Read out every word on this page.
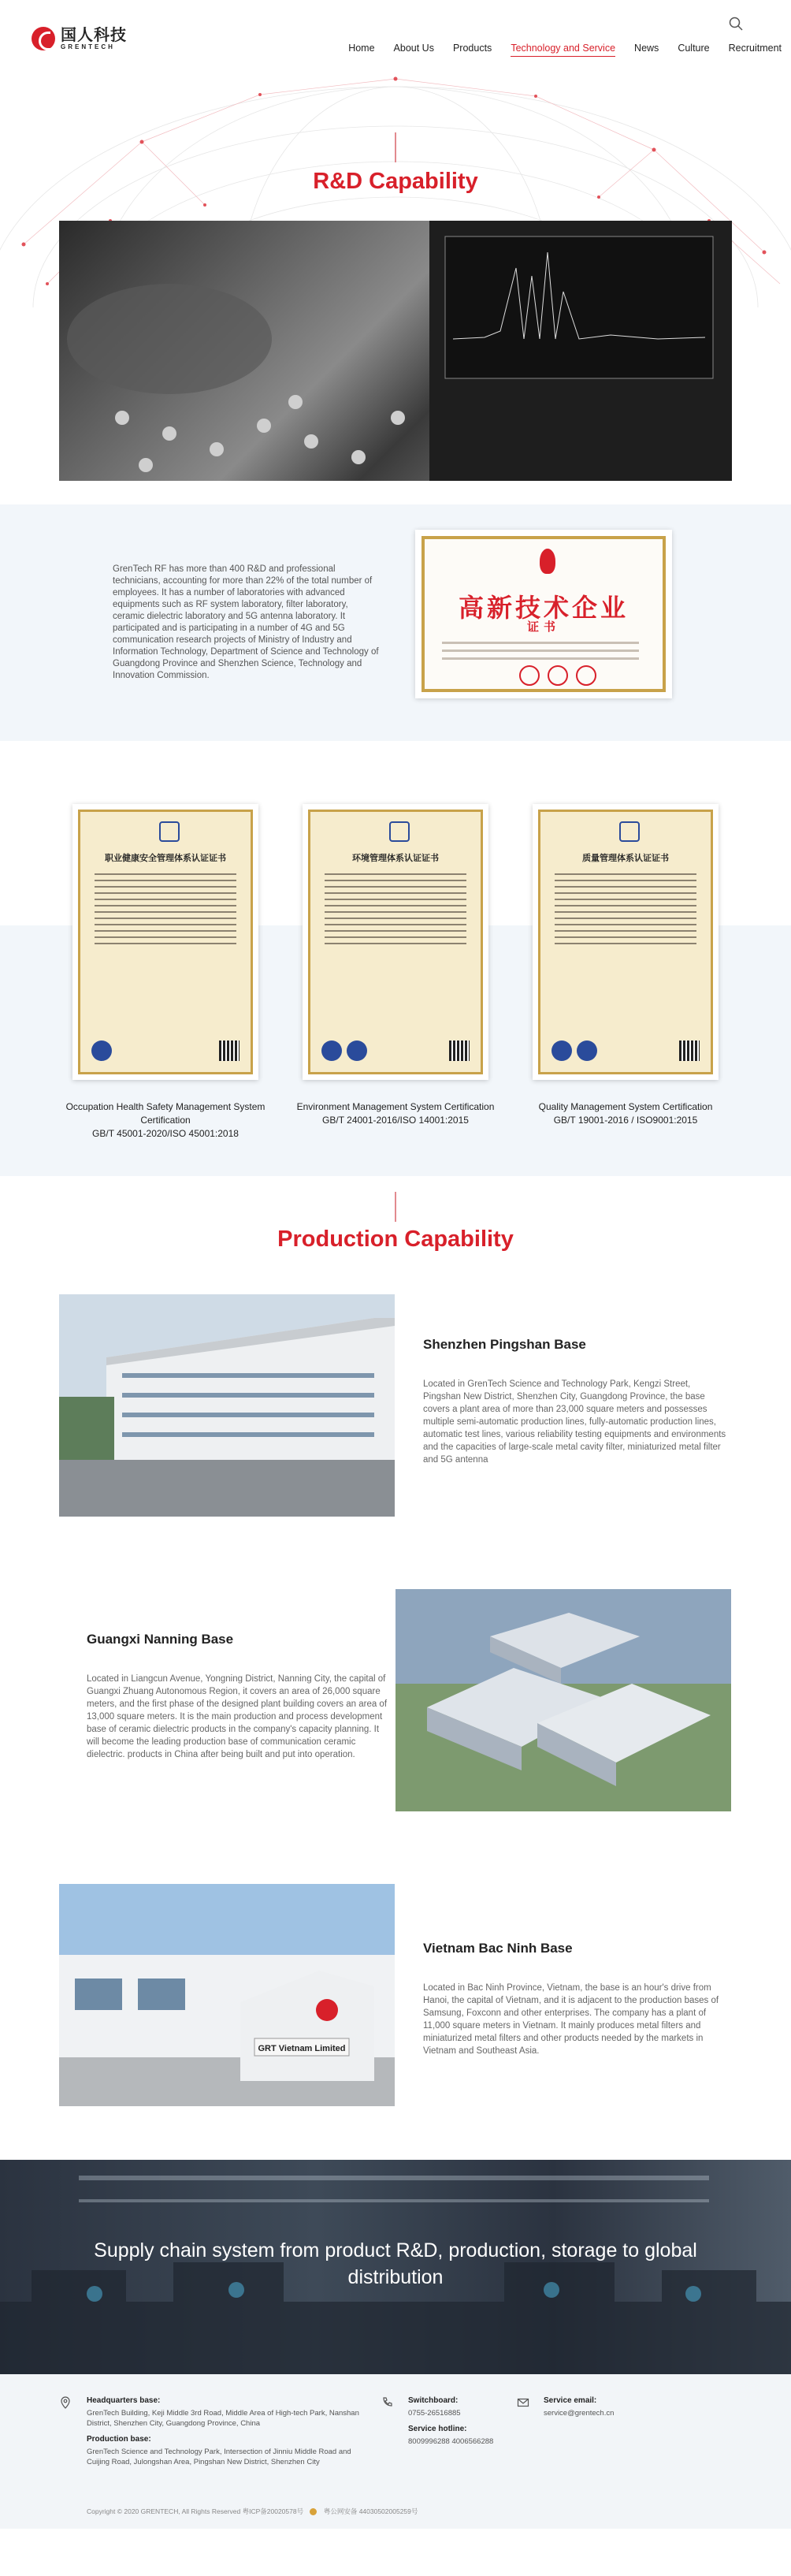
国人科技
GRENTECH	Home About Us Products Technology and Service News Culture Recruitment
R&D Capability

GrenTech RF has more than 400 R&D and professional technicians, accounting for more than 22% of the total number of employees. It has a number of laboratories with advanced equipments such as RF system laboratory, filter laboratory, ceramic dielectric laboratory and 5G antenna laboratory. It participated and is participating in a number of 4G and 5G communication research projects of Ministry of Industry and Information Technology, Department of Science and Technology of Guangdong Province and Shenzhen Science, Technology and Innovation Commission.

高新技术企业
证书
职业健康安全管理体系认证证书
Occupation Health Safety Management System Certification
GB/T 45001-2020/ISO 45001:2018
环境管理体系认证证书
Environment Management System Certification
GB/T 24001-2016/ISO 14001:2015
质量管理体系认证证书
Quality Management System Certification
GB/T 19001-2016 / ISO9001:2015
Production Capability
Shenzhen Pingshan Base

Located in GrenTech Science and Technology Park, Kengzi Street, Pingshan New District, Shenzhen City, Guangdong Province, the base covers a plant area of more than 23,000 square meters and possesses multiple semi-automatic production lines, fully-automatic production lines, automatic test lines, various reliability testing equipments and environments and the capacities of large-scale metal cavity filter, miniaturized metal filter and 5G antenna

Guangxi Nanning Base

Located in Liangcun Avenue, Yongning District, Nanning City, the capital of Guangxi Zhuang Autonomous Region, it covers an area of 26,000 square meters, and the first phase of the designed plant building covers an area of 13,000 square meters. It is the main production and process development base of ceramic dielectric products in the company's capacity planning. It will become the leading production base of communication ceramic dielectric. products in China after being built and put into operation.

GRT Vietnam Limited
Vietnam Bac Ninh Base

Located in Bac Ninh Province, Vietnam, the base is an hour's drive from Hanoi, the capital of Vietnam, and it is adjacent to the production bases of Samsung, Foxconn and other enterprises. The company has a plant of 11,000 square meters in Vietnam. It mainly produces metal filters and miniaturized metal filters and other products needed by the markets in Vietnam and Southeast Asia.

Supply chain system from product R&D, production, storage to global distribution

Headquarters base:
GrenTech Building, Keji Middle 3rd Road, Middle Area of High-tech Park, Nanshan District, Shenzhen City, Guangdong Province, China
Production base:
GrenTech Science and Technology Park, Intersection of Jinniu Middle Road and Cuijing Road, Julongshan Area, Pingshan New District, Shenzhen City
Switchboard:
0755-26516885
Service hotline:
8009996288 4006566288
Service email:
service@grentech.cn
Copyright © 2020 GRENTECH, All Rights Reserved 粤ICP备20020578号	粤公网安备 44030502005259号
